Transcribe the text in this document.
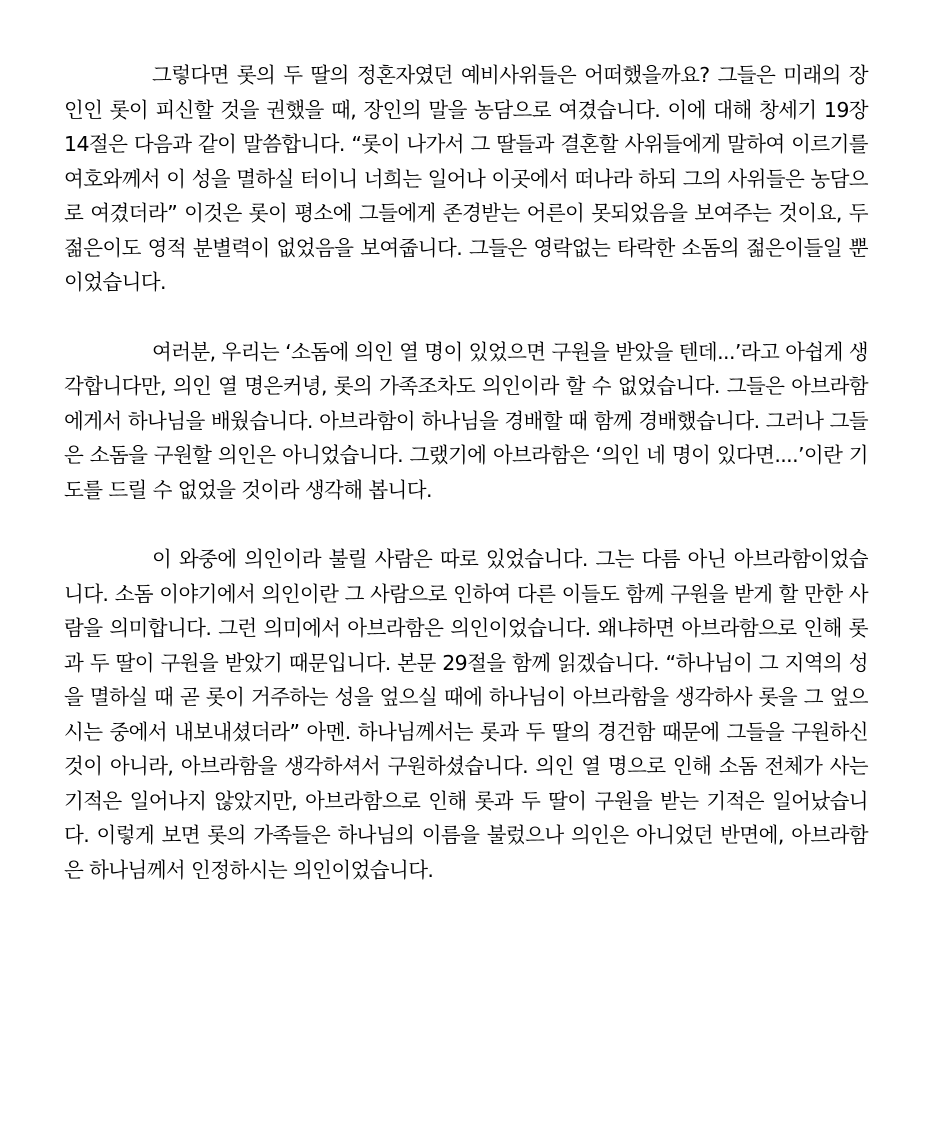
그렇다면 롯의 두 딸의 정혼자였던 예비사위들은 어떠했을까요? 그들은 미래의 장인인 롯이 피신할 것을 권했을 때, 장인의 말을 농담으로 여겼습니다. 이에 대해 창세기 19장 14절은 다음과 같이 말씀합니다. “롯이 나가서 그 딸들과 결혼할 사위들에게 말하여 이르기를 여호와께서 이 성을 멸하실 터이니 너희는 일어나 이곳에서 떠나라 하되 그의 사위들은 농담으로 여겼더라” 이것은 롯이 평소에 그들에게 존경받는 어른이 못되었음을 보여주는 것이요, 두 젊은이도 영적 분별력이 없었음을 보여줍니다. 그들은 영락없는 타락한 소돔의 젊은이들일 뿐이었습니다.

여러분, 우리는 ‘소돔에 의인 열 명이 있었으면 구원을 받았을 텐데...’라고 아쉽게 생각합니다만, 의인 열 명은커녕, 롯의 가족조차도 의인이라 할 수 없었습니다. 그들은 아브라함에게서 하나님을 배웠습니다. 아브라함이 하나님을 경배할 때 함께 경배했습니다. 그러나 그들은 소돔을 구원할 의인은 아니었습니다. 그랬기에 아브라함은 ‘의인 네 명이 있다면....’이란 기도를 드릴 수 없었을 것이라 생각해 봅니다.

이 와중에 의인이라 불릴 사람은 따로 있었습니다. 그는 다름 아닌 아브라함이었습니다. 소돔 이야기에서 의인이란 그 사람으로 인하여 다른 이들도 함께 구원을 받게 할 만한 사람을 의미합니다. 그런 의미에서 아브라함은 의인이었습니다. 왜냐하면 아브라함으로 인해 롯과 두 딸이 구원을 받았기 때문입니다. 본문 29절을 함께 읽겠습니다. “하나님이 그 지역의 성을 멸하실 때 곧 롯이 거주하는 성을 엎으실 때에 하나님이 아브라함을 생각하사 롯을 그 엎으시는 중에서 내보내셨더라” 아멘. 하나님께서는 롯과 두 딸의 경건함 때문에 그들을 구원하신 것이 아니라, 아브라함을 생각하셔서 구원하셨습니다. 의인 열 명으로 인해 소돔 전체가 사는 기적은 일어나지 않았지만, 아브라함으로 인해 롯과 두 딸이 구원을 받는 기적은 일어났습니다. 이렇게 보면 롯의 가족들은 하나님의 이름을 불렀으나 의인은 아니었던 반면에, 아브라함은 하나님께서 인정하시는 의인이었습니다.
